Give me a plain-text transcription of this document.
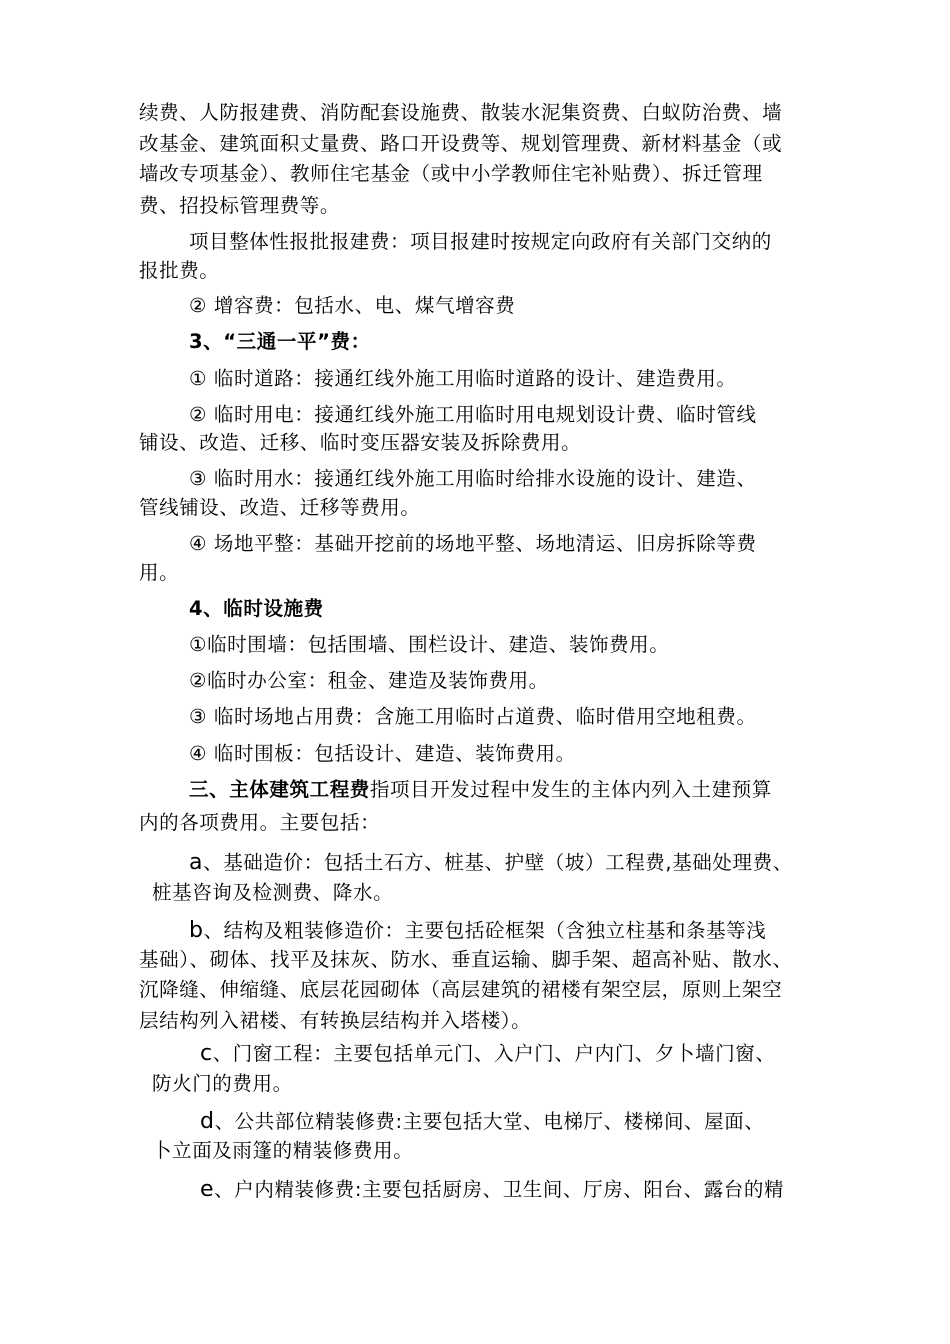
续费、人防报建费、消防配套设施费、散装水泥集资费、白蚁防治费、墙
改基金、建筑面积丈量费、路口开设费等、规划管理费、新材料基金（或
墙改专项基金）、教师住宅基金（或中小学教师住宅补贴费）、拆迁管理
费、招投标管理费等。
项目整体性报批报建费：项目报建时按规定向政府有关部门交纳的
报批费。
② 增容费：包括水、电、煤气增容费
3、“三通一平”费：
① 临时道路：接通红线外施工用临时道路的设计、建造费用。
② 临时用电：接通红线外施工用临时用电规划设计费、临时管线
铺设、改造、迁移、临时变压器安装及拆除费用。
③ 临时用水：接通红线外施工用临时给排水设施的设计、建造、
管线铺设、改造、迁移等费用。
④ 场地平整：基础开挖前的场地平整、场地清运、旧房拆除等费
用。
4、临时设施费
①临时围墙：包括围墙、围栏设计、建造、装饰费用。
②临时办公室：租金、建造及装饰费用。
③ 临时场地占用费：含施工用临时占道费、临时借用空地租费。
④ 临时围板：包括设计、建造、装饰费用。
三、主体建筑工程费指项目开发过程中发生的主体内列入土建预算
内的各项费用。主要包括：
a、基础造价：包括土石方、桩基、护壁（坡）工程费,基础处理费、
桩基咨询及检测费、降水。
b、结构及粗装修造价：主要包括砼框架（含独立柱基和条基等浅
基础）、砌体、找平及抹灰、防水、垂直运输、脚手架、超高补贴、散水、
沉降缝、伸缩缝、底层花园砌体（高层建筑的裙楼有架空层，原则上架空
层结构列入裙楼、有转换层结构并入塔楼）。
c、门窗工程：主要包括单元门、入户门、户内门、夕卜墙门窗、
防火门的费用。
d、公共部位精装修费:主要包括大堂、电梯厅、楼梯间、屋面、
卜立面及雨篷的精装修费用。
e、户内精装修费:主要包括厨房、卫生间、厅房、阳台、露台的精
